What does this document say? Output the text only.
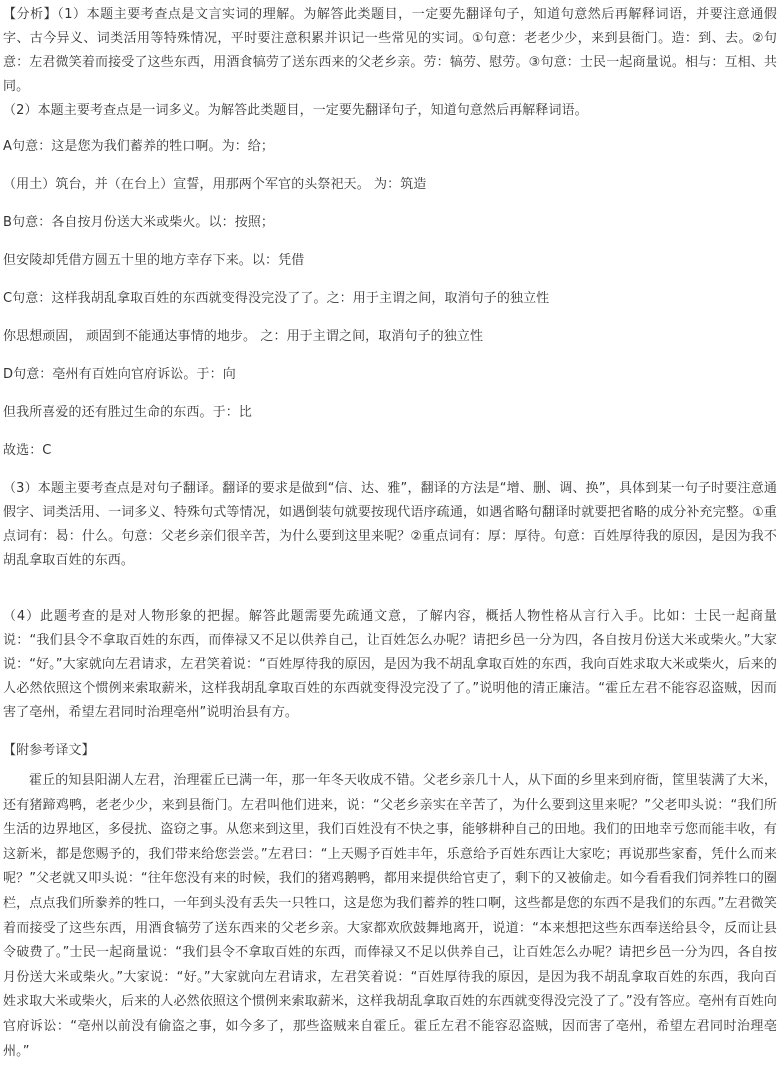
【分析】（1）本题主要考查点是文言实词的理解。为解答此类题目，一定要先翻译句子，知道句意然后再解释词语，并要注意通假字、古今异义、词类活用等特殊情况，平时要注意积累并识记一些常见的实词。①句意：老老少少，来到县衙门。造：到、去。②句意：左君微笑着而接受了这些东西，用酒食犒劳了送东西来的父老乡亲。劳：犒劳、慰劳。③句意：士民一起商量说。相与：互相、共同。

（2）本题主要考查点是一词多义。为解答此类题目，一定要先翻译句子，知道句意然后再解释词语。

A句意：这是您为我们蓄养的牲口啊。为：给；

（用土）筑台，并（在台上）宣誓，用那两个军官的头祭祀天。 为：筑造

B句意：各自按月份送大米或柴火。以：按照；

但安陵却凭借方圆五十里的地方幸存下来。以：凭借

C句意：这样我胡乱拿取百姓的东西就变得没完没了了。之：用于主谓之间，取消句子的独立性

你思想顽固， 顽固到不能通达事情的地步。 之：用于主谓之间，取消句子的独立性

D句意：亳州有百姓向官府诉讼。于：向

但我所喜爱的还有胜过生命的东西。于：比

故选：C

（3）本题主要考查点是对句子翻译。翻译的要求是做到“信、达、雅”，翻译的方法是“增、删、调、换”，具体到某一句子时要注意通假字、词类活用、一词多义、特殊句式等情况，如遇倒装句就要按现代语序疏通，如遇省略句翻译时就要把省略的成分补充完整。①重点词有：曷：什么。句意：父老乡亲们很辛苦，为什么要到这里来呢？②重点词有：厚：厚待。句意：百姓厚待我的原因，是因为我不胡乱拿取百姓的东西。

（4）此题考查的是对人物形象的把握。解答此题需要先疏通文意，了解内容，概括人物性格从言行入手。比如：士民一起商量说：“我们县令不拿取百姓的东西，而俸禄又不足以供养自己，让百姓怎么办呢？请把乡邑一分为四，各自按月份送大米或柴火。”大家说：“好。”大家就向左君请求，左君笑着说：“百姓厚待我的原因，是因为我不胡乱拿取百姓的东西，我向百姓求取大米或柴火，后来的人必然依照这个惯例来索取薪米，这样我胡乱拿取百姓的东西就变得没完没了了。”说明他的清正廉洁。“霍丘左君不能容忍盗贼，因而害了亳州，希望左君同时治理亳州”说明治县有方。

【附参考译文】

霍丘的知县阳湖人左君，治理霍丘已满一年，那一年冬天收成不错。父老乡亲几十人，从下面的乡里来到府衙，筐里装满了大米，还有猪蹄鸡鸭，老老少少，来到县衙门。左君叫他们进来，说：“父老乡亲实在辛苦了，为什么要到这里来呢？”父老叩头说：“我们所生活的边界地区，多侵扰、盗窃之事。从您来到这里，我们百姓没有不快之事，能够耕种自己的田地。我们的田地幸亏您而能丰收，有这新米，都是您赐予的，我们带来给您尝尝。”左君曰：“上天赐予百姓丰年，乐意给予百姓东西让大家吃；再说那些家畜，凭什么而来呢？”父老就又叩头说：“往年您没有来的时候，我们的猪鸡鹅鸭，都用来提供给官吏了，剩下的又被偷走。如今看看我们饲养牲口的圈栏，点点我们所豢养的牲口，一年到头没有丢失一只牲口，这是您为我们蓄养的牲口啊，这些都是您的东西不是我们的东西。”左君微笑着而接受了这些东西，用酒食犒劳了送东西来的父老乡亲。大家都欢欣鼓舞地离开，说道：“本来想把这些东西奉送给县令，反而让县令破费了。”士民一起商量说：“我们县令不拿取百姓的东西，而俸禄又不足以供养自己，让百姓怎么办呢？请把乡邑一分为四，各自按月份送大米或柴火。”大家说：“好。”大家就向左君请求，左君笑着说：“百姓厚待我的原因，是因为我不胡乱拿取百姓的东西，我向百姓求取大米或柴火，后来的人必然依照这个惯例来索取薪米，这样我胡乱拿取百姓的东西就变得没完没了了。”没有答应。亳州有百姓向官府诉讼：“亳州以前没有偷盗之事，如今多了，那些盗贼来自霍丘。霍丘左君不能容忍盗贼，因而害了亳州，希望左君同时治理亳州。”
